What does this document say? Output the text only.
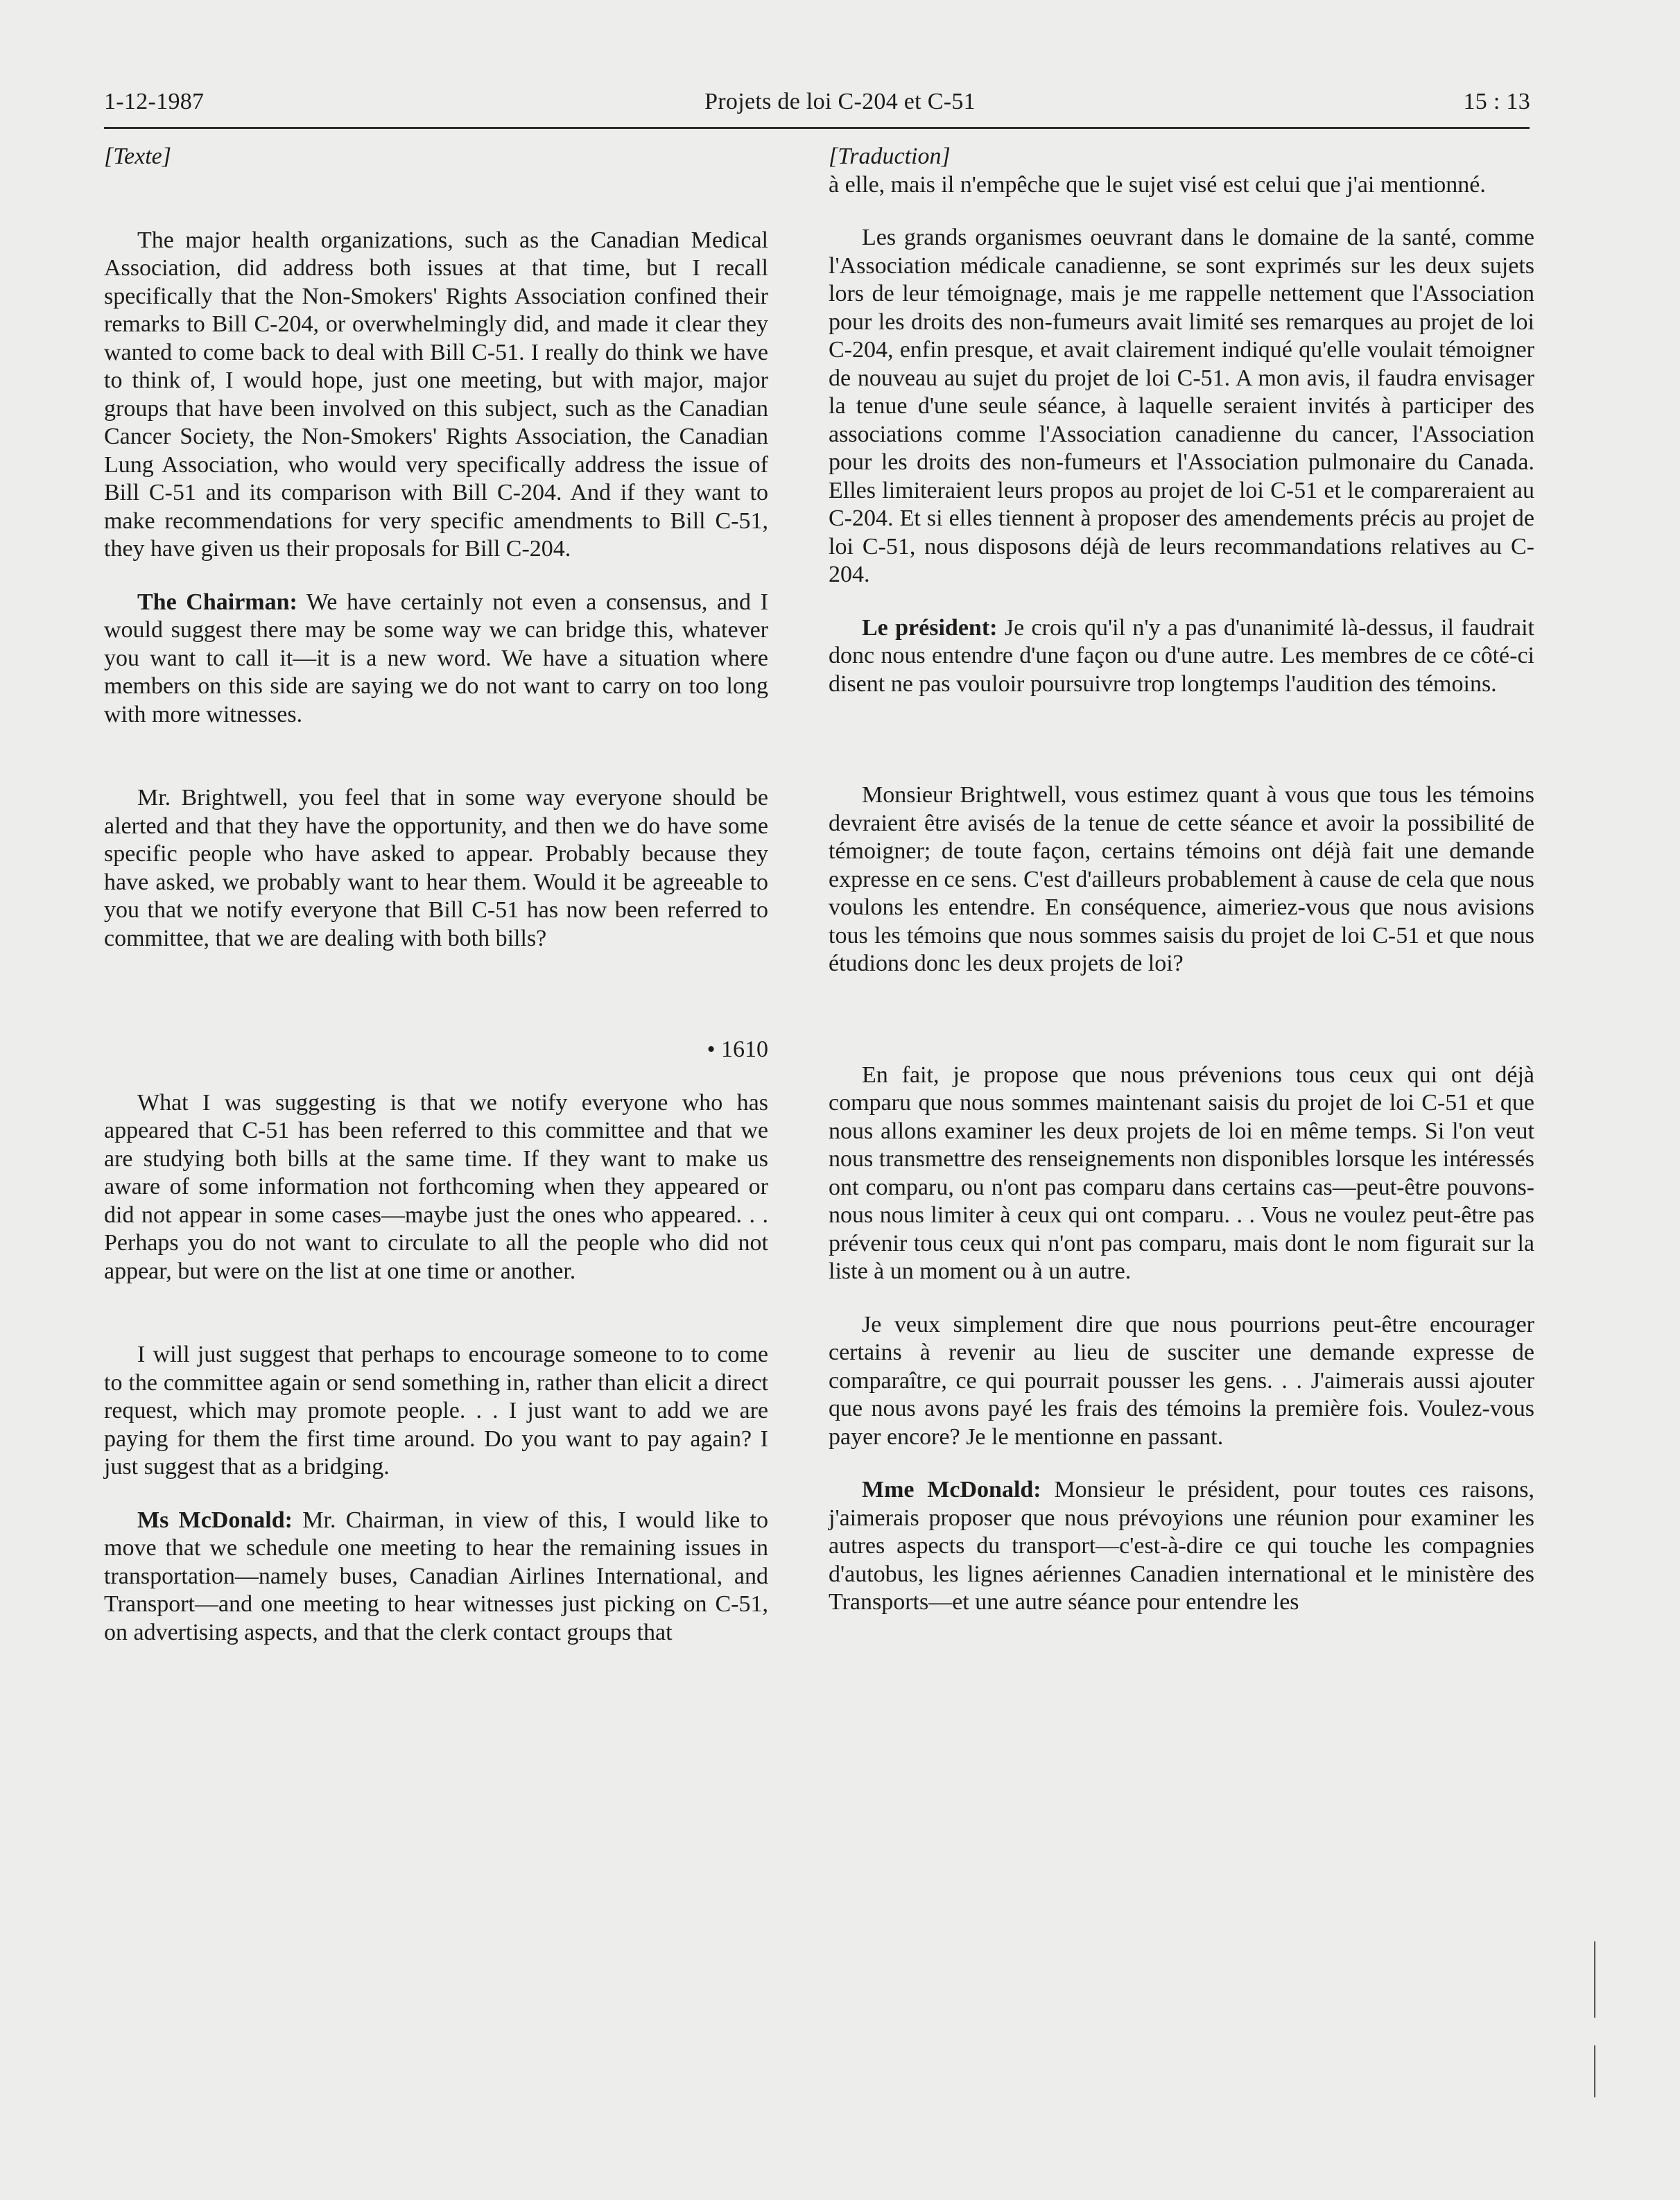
Projets de loi C-204 et C-51
1-12-1987	15 : 13
[Texte]

The major health organizations, such as the Canadian Medical Association, did address both issues at that time, but I recall specifically that the Non-Smokers' Rights Association confined their remarks to Bill C-204, or overwhelmingly did, and made it clear they wanted to come back to deal with Bill C-51. I really do think we have to think of, I would hope, just one meeting, but with major, major groups that have been involved on this subject, such as the Canadian Cancer Society, the Non-Smokers' Rights Association, the Canadian Lung Association, who would very specifically address the issue of Bill C-51 and its comparison with Bill C-204. And if they want to make recommendations for very specific amendments to Bill C-51, they have given us their proposals for Bill C-204.

The Chairman: We have certainly not even a consensus, and I would suggest there may be some way we can bridge this, whatever you want to call it—it is a new word. We have a situation where members on this side are saying we do not want to carry on too long with more witnesses.

Mr. Brightwell, you feel that in some way everyone should be alerted and that they have the opportunity, and then we do have some specific people who have asked to appear. Probably because they have asked, we probably want to hear them. Would it be agreeable to you that we notify everyone that Bill C-51 has now been referred to committee, that we are dealing with both bills?

• 1610

What I was suggesting is that we notify everyone who has appeared that C-51 has been referred to this committee and that we are studying both bills at the same time. If they want to make us aware of some information not forthcoming when they appeared or did not appear in some cases—maybe just the ones who appeared. . . Perhaps you do not want to circulate to all the people who did not appear, but were on the list at one time or another.

I will just suggest that perhaps to encourage someone to to come to the committee again or send something in, rather than elicit a direct request, which may promote people. . . I just want to add we are paying for them the first time around. Do you want to pay again? I just suggest that as a bridging.

Ms McDonald: Mr. Chairman, in view of this, I would like to move that we schedule one meeting to hear the remaining issues in transportation—namely buses, Canadian Airlines International, and Transport—and one meeting to hear witnesses just picking on C-51, on advertising aspects, and that the clerk contact groups that

[Traduction]

à elle, mais il n'empêche que le sujet visé est celui que j'ai mentionné.

Les grands organismes oeuvrant dans le domaine de la santé, comme l'Association médicale canadienne, se sont exprimés sur les deux sujets lors de leur témoignage, mais je me rappelle nettement que l'Association pour les droits des non-fumeurs avait limité ses remarques au projet de loi C-204, enfin presque, et avait clairement indiqué qu'elle voulait témoigner de nouveau au sujet du projet de loi C-51. A mon avis, il faudra envisager la tenue d'une seule séance, à laquelle seraient invités à participer des associations comme l'Association canadienne du cancer, l'Association pour les droits des non-fumeurs et l'Association pulmonaire du Canada. Elles limiteraient leurs propos au projet de loi C-51 et le compareraient au C-204. Et si elles tiennent à proposer des amendements précis au projet de loi C-51, nous disposons déjà de leurs recommandations relatives au C-204.

Le président: Je crois qu'il n'y a pas d'unanimité là-dessus, il faudrait donc nous entendre d'une façon ou d'une autre. Les membres de ce côté-ci disent ne pas vouloir poursuivre trop longtemps l'audition des témoins.

Monsieur Brightwell, vous estimez quant à vous que tous les témoins devraient être avisés de la tenue de cette séance et avoir la possibilité de témoigner; de toute façon, certains témoins ont déjà fait une demande expresse en ce sens. C'est d'ailleurs probablement à cause de cela que nous voulons les entendre. En conséquence, aimeriez-vous que nous avisions tous les témoins que nous sommes saisis du projet de loi C-51 et que nous étudions donc les deux projets de loi?

En fait, je propose que nous prévenions tous ceux qui ont déjà comparu que nous sommes maintenant saisis du projet de loi C-51 et que nous allons examiner les deux projets de loi en même temps. Si l'on veut nous transmettre des renseignements non disponibles lorsque les intéressés ont comparu, ou n'ont pas comparu dans certains cas—peut-être pouvons-nous nous limiter à ceux qui ont comparu. . . Vous ne voulez peut-être pas prévenir tous ceux qui n'ont pas comparu, mais dont le nom figurait sur la liste à un moment ou à un autre.

Je veux simplement dire que nous pourrions peut-être encourager certains à revenir au lieu de susciter une demande expresse de comparaître, ce qui pourrait pousser les gens. . . J'aimerais aussi ajouter que nous avons payé les frais des témoins la première fois. Voulez-vous payer encore? Je le mentionne en passant.

Mme McDonald: Monsieur le président, pour toutes ces raisons, j'aimerais proposer que nous prévoyions une réunion pour examiner les autres aspects du transport—c'est-à-dire ce qui touche les compagnies d'autobus, les lignes aériennes Canadien international et le ministère des Transports—et une autre séance pour entendre les
